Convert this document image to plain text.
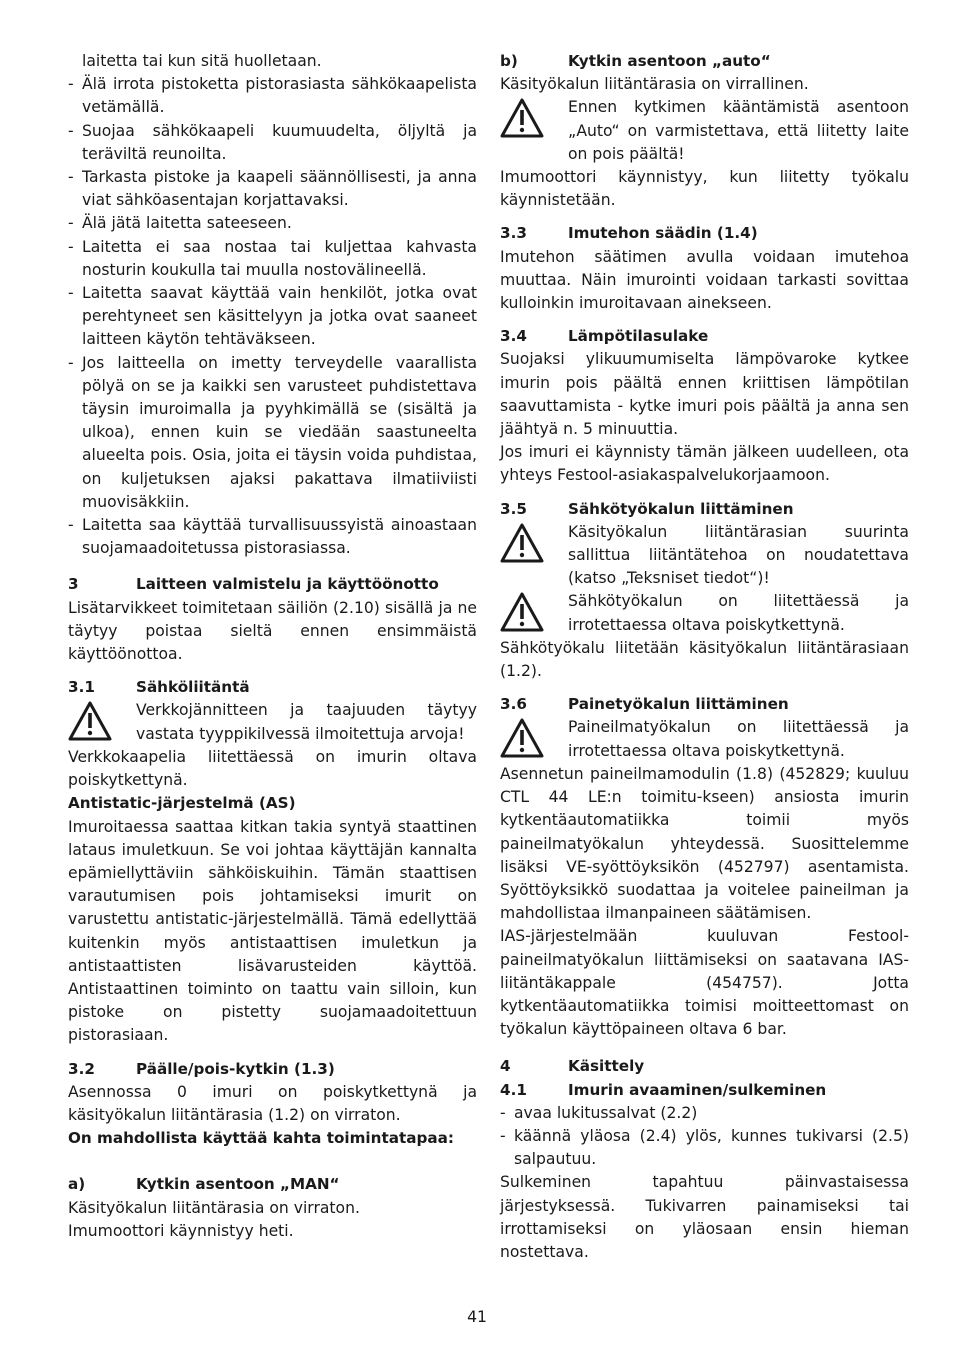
laitetta tai kun sitä huolletaan.

- Älä irrota pistoketta pistorasiasta sähkökaapelista vetämällä.
- Suojaa sähkökaapeli kuumuudelta, öljyltä ja teräviltä reunoilta.
- Tarkasta pistoke ja kaapeli säännöllisesti, ja anna viat sähköasentajan korjattavaksi.
- Älä jätä laitetta sateeseen.
- Laitetta ei saa nostaa tai kuljettaa kahvasta nosturin koukulla tai muulla nostovälineellä.
- Laitetta saavat käyttää vain henkilöt, jotka ovat perehtyneet sen käsittelyyn ja jotka ovat saaneet laitteen käytön tehtäväkseen.
- Jos laitteella on imetty terveydelle vaarallista pölyä on se ja kaikki sen varusteet puhdistettava täysin imuroimalla ja pyyhkimällä se (sisältä ja ulkoa), ennen kuin se viedään saastuneelta alueelta pois. Osia, joita ei täysin voida puhdistaa, on kuljetuksen ajaksi pakattava ilmatiiviisti muovisäkkiin.
- Laitetta saa käyttää turvallisuussyistä ainoastaan suojamaadoitetussa pistorasiassa.
3	Laitteen valmistelu ja käyttöönotto

Lisätarvikkeet toimitetaan säiliön (2.10) sisällä ja ne täytyy poistaa sieltä ennen ensimmäistä käyttöönottoa.

3.1	Sähköliitäntä
Verkkojännitteen ja taajuuden täytyy vastata tyyppikilvessä ilmoitettuja arvoja!

Verkkokaapelia liitettäessä on imurin oltava poiskytkettynä.

Antistatic-järjestelmä (AS)

Imuroitaessa saattaa kitkan takia syntyä staattinen lataus imuletkuun. Se voi johtaa käyttäjän kannalta epämiellyttäviin sähköiskuihin. Tämän staattisen varautumisen pois johtamiseksi imurit on varustettu antistatic-järjestelmällä. Tämä edellyttää kuitenkin myös antistaattisen imuletkun ja antistaattisten lisävarusteiden käyttöä. Antistaattinen toiminto on taattu vain silloin, kun pistoke on pistetty suojamaadoitettuun pistorasiaan.

3.2	Päälle/pois-kytkin (1.3)

Asennossa 0 imuri on poiskytkettynä ja käsityökalun liitäntärasia (1.2) on virraton.

On mahdollista käyttää kahta toimintatapaa:
a)	Kytkin asentoon „MAN“

Käsityökalun liitäntärasia on virraton.

Imumoottori käynnistyy heti.

b)	Kytkin asentoon „auto“

Käsityökalun liitäntärasia on virrallinen.

Ennen kytkimen kääntämistä asentoon „Auto“ on varmistettava, että liitetty laite on pois päältä!

Imumoottori käynnistyy, kun liitetty työkalu käynnistetään.

3.3	Imutehon säädin (1.4)

Imutehon säätimen avulla voidaan imutehoa muuttaa. Näin imurointi voidaan tarkasti sovittaa kulloinkin imuroitavaan ainekseen.

3.4	Lämpötilasulake

Suojaksi ylikuumumiselta lämpövaroke kytkee imurin pois päältä ennen kriittisen lämpötilan saavuttamista - kytke imuri pois päältä ja anna sen jäähtyä n. 5 minuuttia.

Jos imuri ei käynnisty tämän jälkeen uudelleen, ota yhteys Festool-asiakaspalvelukorjaamoon.

3.5	Sähkötyökalun liittäminen
Käsityökalun liitäntärasian suurinta sallittua liitäntätehoa on noudatettava (katso „Teksniset tiedot“)!
Sähkötyökalun on liitettäessä ja irrotettaessa oltava poiskytkettynä.

Sähkötyökalu liitetään käsityökalun liitäntärasiaan (1.2).

3.6	Painetyökalun liittäminen
Paineilmatyökalun on liitettäessä ja irrotettaessa oltava poiskytkettynä.

Asennetun paineilmamodulin (1.8) (452829; kuuluu CTL 44 LE:n toimitu-kseen) ansiosta imurin kytkentäautomatiikka toimii myös paineilmatyökalun yhteydessä. Suosittelemme lisäksi VE-syöttöyksikön (452797) asentamista. Syöttöyksikkö suodattaa ja voitelee paineilman ja mahdollistaa ilmanpaineen säätämisen.

IAS-järjestelmään kuuluvan Festool-paineilmatyökalun liittämiseksi on saatavana IAS-liitäntäkappale (454757). Jotta kytkentäautomatiikka toimisi moitteettomast on työkalun käyttöpaineen oltava 6 bar.

4	Käsittely
4.1	Imurin avaaminen/sulkeminen
- avaa lukitussalvat (2.2)
- käännä yläosa (2.4) ylös, kunnes tukivarsi (2.5) salpautuu.

Sulkeminen tapahtuu päinvastaisessa järjestyksessä. Tukivarren painamiseksi tai irrottamiseksi on yläosaan ensin hieman nostettava.

41
